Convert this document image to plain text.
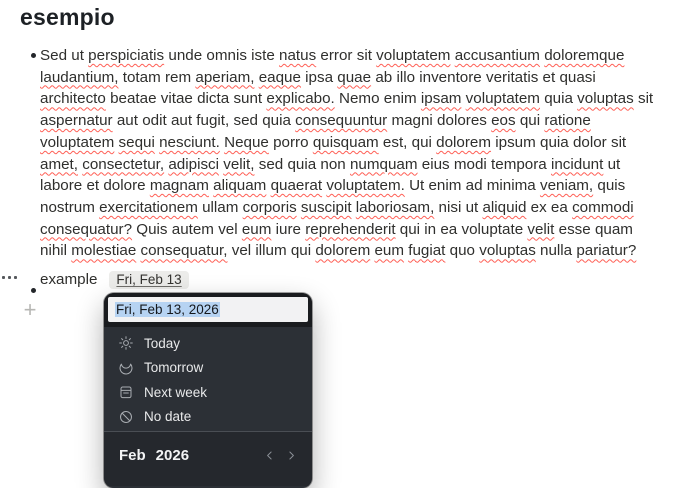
esempio
Sed ut perspiciatis unde omnis iste natus error sit voluptatem accusantium doloremque
laudantium, totam rem aperiam, eaque ipsa quae ab illo inventore veritatis et quasi
architecto beatae vitae dicta sunt explicabo. Nemo enim ipsam voluptatem quia voluptas sit
aspernatur aut odit aut fugit, sed quia consequuntur magni dolores eos qui ratione
voluptatem sequi nesciunt. Neque porro quisquam est, qui dolorem ipsum quia dolor sit
amet, consectetur, adipisci velit, sed quia non numquam eius modi tempora incidunt ut
labore et dolore magnam aliquam quaerat voluptatem. Ut enim ad minima veniam, quis
nostrum exercitationem ullam corporis suscipit laboriosam, nisi ut aliquid ex ea commodi
consequatur? Quis autem vel eum iure reprehenderit qui in ea voluptate velit esse quam
nihil molestiae consequatur, vel illum qui dolorem eum fugiat quo voluptas nulla pariatur?
example	Fri, Feb 13
+	Fri, Feb 13, 2026
Today
Tomorrow
Next week
No date
Feb 2026
